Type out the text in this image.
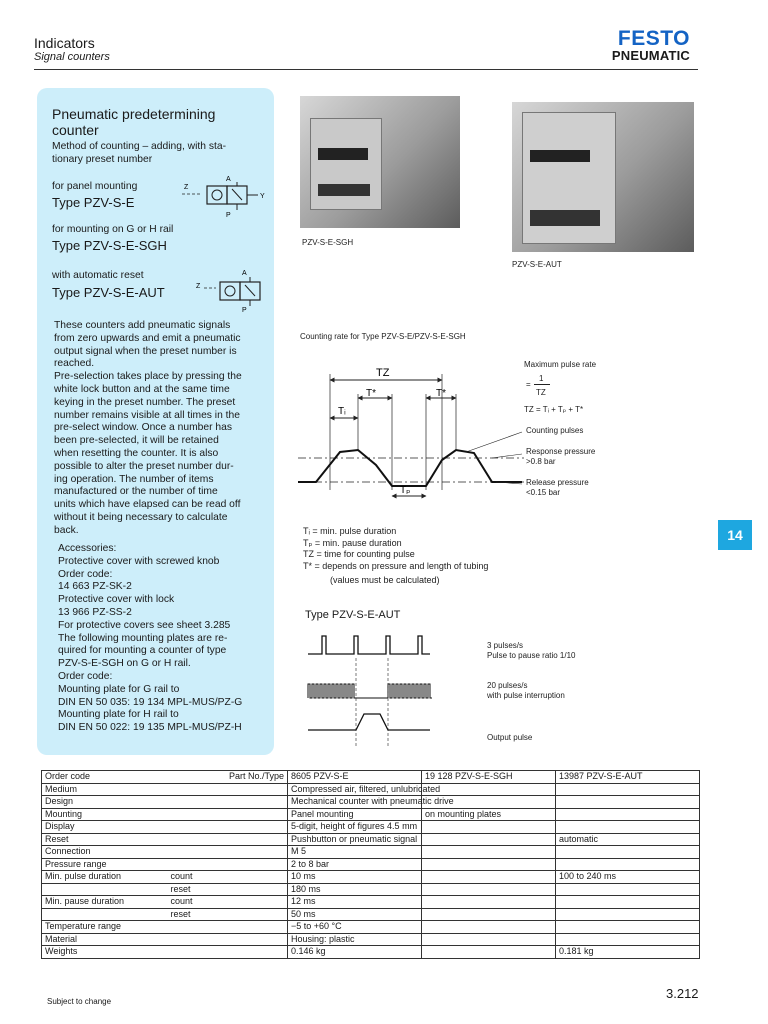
Indicators
Signal counters
FESTO
PNEUMATIC
Pneumatic predetermining
counter
Method of counting – adding, with sta-
tionary preset number
for panel mounting
Type PZV-S-E
Z
A
P
Y
for mounting on G or H rail
Type PZV-S-E-SGH
with automatic reset
Type PZV-S-E-AUT	Z
A
P
These counters add pneumatic signals
from zero upwards and emit a pneumatic
output signal when the preset number is
reached.
Pre-selection takes place by pressing the
white lock button and at the same time
keying in the preset number. The preset
number remains visible at all times in the
pre-select window. Once a number has
been pre-selected, it will be retained
when resetting the counter. It is also
possible to alter the preset number dur-
ing operation. The number of items
manufactured or the number of time
units which have elapsed can be read off
without it being necessary to calculate
back.
Accessories:
Protective cover with screwed knob
Order code:
14 663 PZ-SK-2
Protective cover with lock
13 966 PZ-SS-2
For protective covers see sheet 3.285
The following mounting plates are re-
quired for mounting a counter of type
PZV-S-E-SGH on G or H rail.
Order code:
Mounting plate for G rail to
DIN EN 50 035: 19 134 MPL-MUS/PZ-G
Mounting plate for H rail to
DIN EN 50 022: 19 135 MPL-MUS/PZ-H
PZV-S-E-SGH
PZV-S-E-AUT
Counting rate for Type PZV-S-E/PZV-S-E-SGH
TZ
T*	T*
Tᵢ
Tₚ
Maximum pulse rate
1
=
TZ
TZ = Tᵢ + Tₚ + T*
Counting pulses
Response pressure
>0.8 bar
Release pressure
<0.15 bar
Tᵢ = min. pulse duration
Tₚ = min. pause duration
TZ = time for counting pulse
T* = depends on pressure and length of tubing
(values must be calculated)
Type PZV-S-E-AUT
3 pulses/s
Pulse to pause ratio 1/10
20 pulses/s
with pulse interruption
Output pulse
14
Order code	Part No./Type	8605 PZV-S-E	19 128 PZV-S-E-SGH	13987 PZV-S-E-AUT
Medium		Compressed air, filtered, unlubricated		
Design		Mechanical counter with pneumatic drive		
Mounting		Panel mounting	on mounting plates	
Display		5-digit, height of figures 4.5 mm		
Reset		Pushbutton or pneumatic signal		automatic
Connection		M 5		
Pressure range		2 to 8 bar		
Min. pulse duration	count	10 ms		100 to 240 ms
	reset	180 ms		
Min. pause duration	count	12 ms		
	reset	50 ms		
Temperature range		−5 to +60 °C		
Material		Housing: plastic		
Weights		0.146 kg		0.181 kg
Subject to change
3.212
